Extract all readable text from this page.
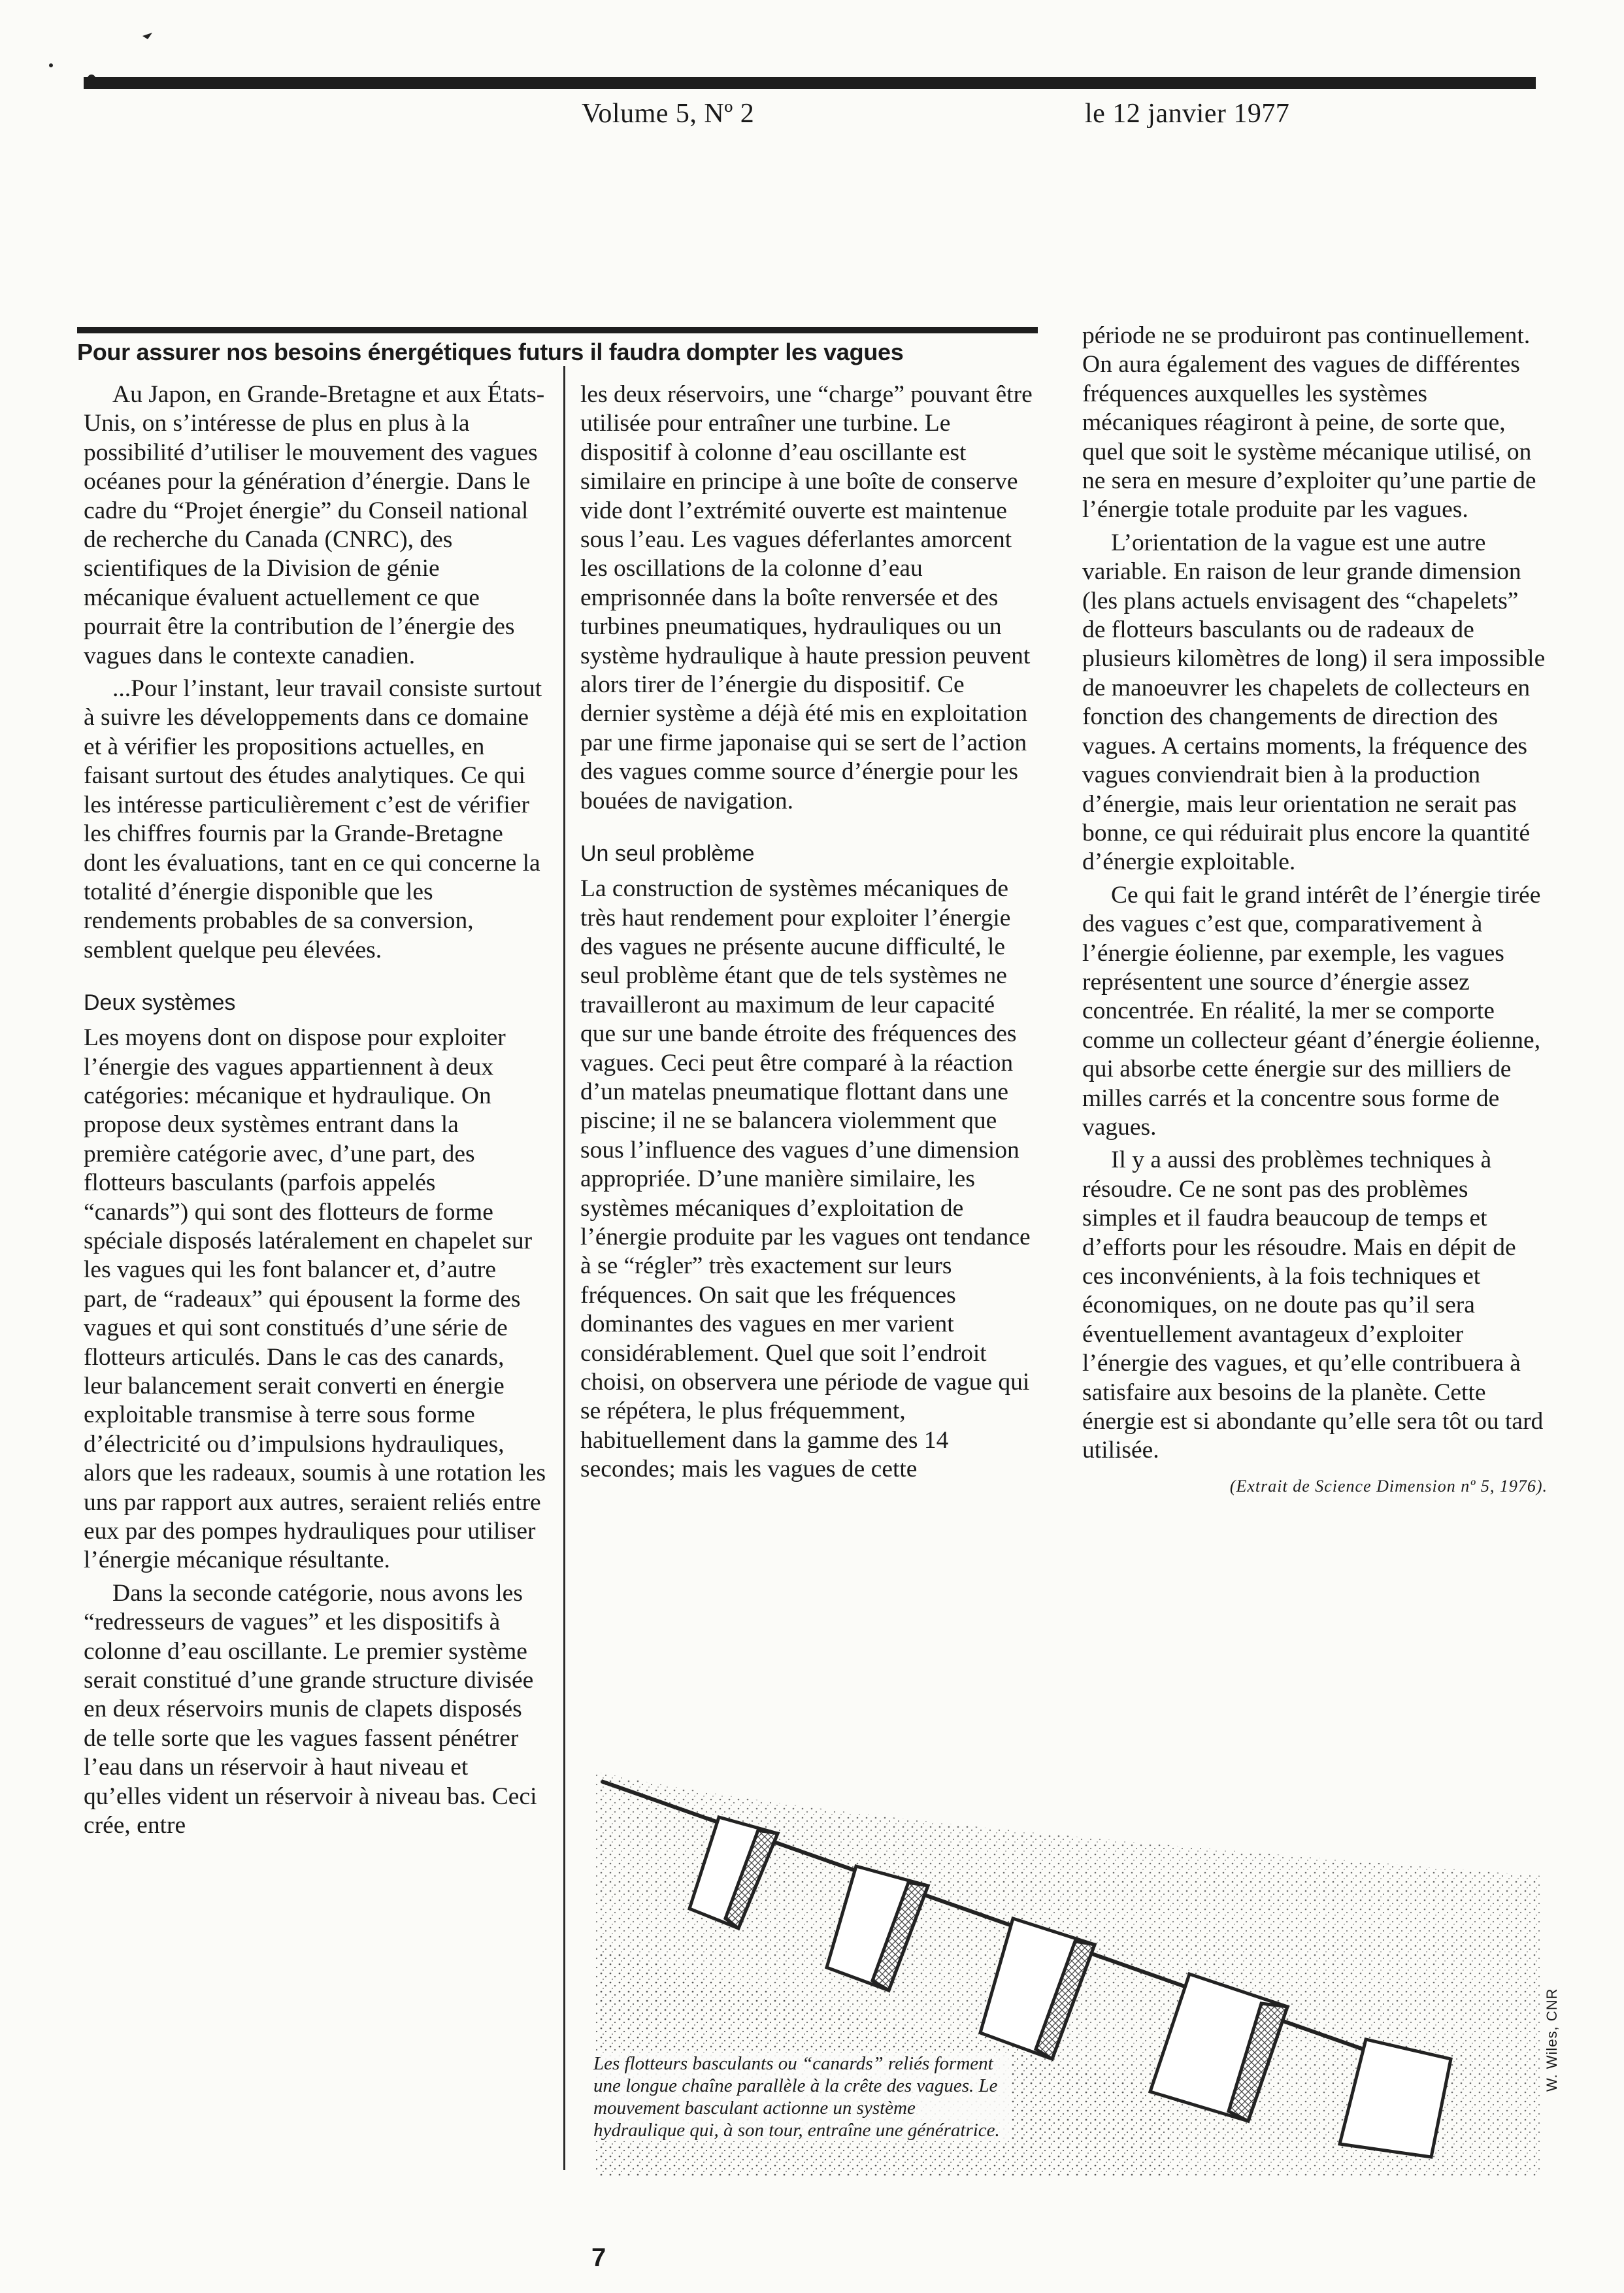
Volume 5, Nº 2	le 12 janvier 1977
Pour assurer nos besoins énergétiques futurs il faudra dompter les vagues

Au Japon, en Grande-Bretagne et aux États-Unis, on s’intéresse de plus en plus à la possibilité d’utiliser le mouvement des vagues océanes pour la génération d’énergie. Dans le cadre du “Projet énergie” du Conseil national de recherche du Canada (CNRC), des scientifiques de la Division de génie mécanique évaluent actuellement ce que pourrait être la contribution de l’énergie des vagues dans le contexte canadien.

...Pour l’instant, leur travail consiste surtout à suivre les développements dans ce domaine et à vérifier les propositions actuelles, en faisant surtout des études analytiques. Ce qui les intéresse particulièrement c’est de vérifier les chiffres fournis par la Grande-Bretagne dont les évaluations, tant en ce qui concerne la totalité d’énergie disponible que les rendements probables de sa conversion, semblent quelque peu élevées.

Deux systèmes

Les moyens dont on dispose pour exploiter l’énergie des vagues appartiennent à deux catégories: mécanique et hydraulique. On propose deux systèmes entrant dans la première catégorie avec, d’une part, des flotteurs basculants (parfois appelés “canards”) qui sont des flotteurs de forme spéciale disposés latéralement en chapelet sur les vagues qui les font balancer et, d’autre part, de “radeaux” qui épousent la forme des vagues et qui sont constitués d’une série de flotteurs articulés. Dans le cas des canards, leur balancement serait converti en énergie exploitable transmise à terre sous forme d’électricité ou d’impulsions hydrauliques, alors que les radeaux, soumis à une rotation les uns par rapport aux autres, seraient reliés entre eux par des pompes hydrauliques pour utiliser l’énergie mécanique résultante.

Dans la seconde catégorie, nous avons les “redresseurs de vagues” et les dispositifs à colonne d’eau oscillante. Le premier système serait constitué d’une grande structure divisée en deux réservoirs munis de clapets disposés de telle sorte que les vagues fassent pénétrer l’eau dans un réservoir à haut niveau et qu’elles vident un réservoir à niveau bas. Ceci crée, entre

les deux réservoirs, une “charge” pouvant être utilisée pour entraîner une turbine. Le dispositif à colonne d’eau oscillante est similaire en principe à une boîte de conserve vide dont l’extrémité ouverte est maintenue sous l’eau. Les vagues déferlantes amorcent les oscillations de la colonne d’eau emprisonnée dans la boîte renversée et des turbines pneumatiques, hydrauliques ou un système hydraulique à haute pression peuvent alors tirer de l’énergie du dispositif. Ce dernier système a déjà été mis en exploitation par une firme japonaise qui se sert de l’action des vagues comme source d’énergie pour les bouées de navigation.

Un seul problème

La construction de systèmes mécaniques de très haut rendement pour exploiter l’énergie des vagues ne présente aucune difficulté, le seul problème étant que de tels systèmes ne travailleront au maximum de leur capacité que sur une bande étroite des fréquences des vagues. Ceci peut être comparé à la réaction d’un matelas pneumatique flottant dans une piscine; il ne se balancera violemment que sous l’influence des vagues d’une dimension appropriée. D’une manière similaire, les systèmes mécaniques d’exploitation de l’énergie produite par les vagues ont tendance à se “régler” très exactement sur leurs fréquences. On sait que les fréquences dominantes des vagues en mer varient considérablement. Quel que soit l’endroit choisi, on observera une période de vague qui se répétera, le plus fréquemment, habituellement dans la gamme des 14 secondes; mais les vagues de cette

période ne se produiront pas continuellement. On aura également des vagues de différentes fréquences auxquelles les systèmes mécaniques réagiront à peine, de sorte que, quel que soit le système mécanique utilisé, on ne sera en mesure d’exploiter qu’une partie de l’énergie totale produite par les vagues.

L’orientation de la vague est une autre variable. En raison de leur grande dimension (les plans actuels envisagent des “chapelets” de flotteurs basculants ou de radeaux de plusieurs kilomètres de long) il sera impossible de manoeuvrer les chapelets de collecteurs en fonction des changements de direction des vagues. A certains moments, la fréquence des vagues conviendrait bien à la production d’énergie, mais leur orientation ne serait pas bonne, ce qui réduirait plus encore la quantité d’énergie exploitable.

Ce qui fait le grand intérêt de l’énergie tirée des vagues c’est que, comparativement à l’énergie éolienne, par exemple, les vagues représentent une source d’énergie assez concentrée. En réalité, la mer se comporte comme un collecteur géant d’énergie éolienne, qui absorbe cette énergie sur des milliers de milles carrés et la concentre sous forme de vagues.

Il y a aussi des problèmes techniques à résoudre. Ce ne sont pas des problèmes simples et il faudra beaucoup de temps et d’efforts pour les résoudre. Mais en dépit de ces inconvénients, à la fois techniques et économiques, on ne doute pas qu’il sera éventuellement avantageux d’exploiter l’énergie des vagues, et qu’elle contribuera à satisfaire aux besoins de la planète. Cette énergie est si abondante qu’elle sera tôt ou tard utilisée.

(Extrait de Science Dimension nº 5, 1976).
Les flotteurs basculants ou “canards” reliés forment une longue chaîne parallèle à la crête des vagues. Le mouvement basculant actionne un système hydraulique qui, à son tour, entraîne une génératrice.
W. Wiles, CNR
7
